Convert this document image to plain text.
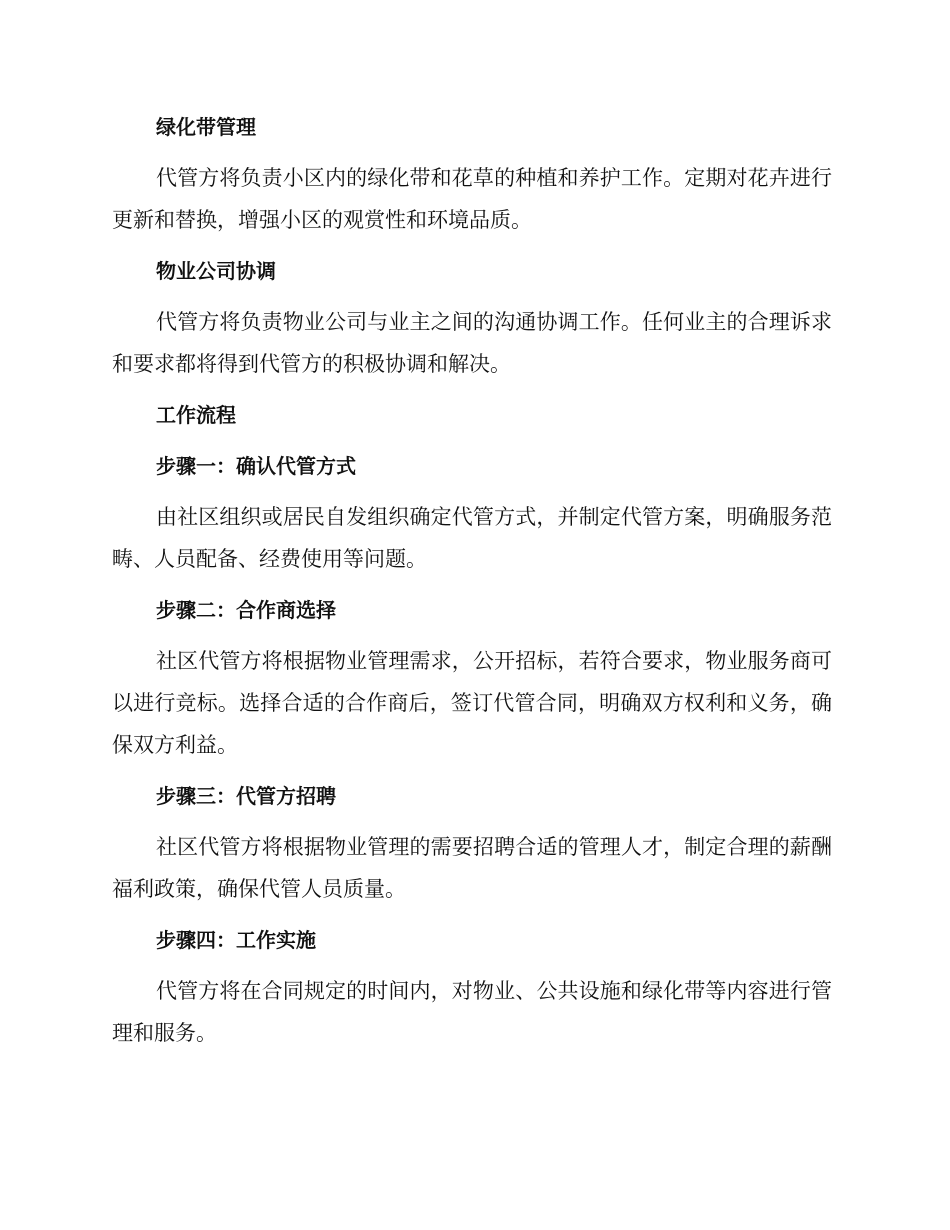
绿化带管理
代管方将负责小区内的绿化带和花草的种植和养护工作。定期对花卉进行更新和替换，增强小区的观赏性和环境品质。
物业公司协调
代管方将负责物业公司与业主之间的沟通协调工作。任何业主的合理诉求和要求都将得到代管方的积极协调和解决。
工作流程
步骤一：确认代管方式
由社区组织或居民自发组织确定代管方式，并制定代管方案，明确服务范畴、人员配备、经费使用等问题。
步骤二：合作商选择
社区代管方将根据物业管理需求，公开招标，若符合要求，物业服务商可以进行竞标。选择合适的合作商后，签订代管合同，明确双方权利和义务，确保双方利益。
步骤三：代管方招聘
社区代管方将根据物业管理的需要招聘合适的管理人才，制定合理的薪酬福利政策，确保代管人员质量。
步骤四：工作实施
代管方将在合同规定的时间内，对物业、公共设施和绿化带等内容进行管理和服务。
